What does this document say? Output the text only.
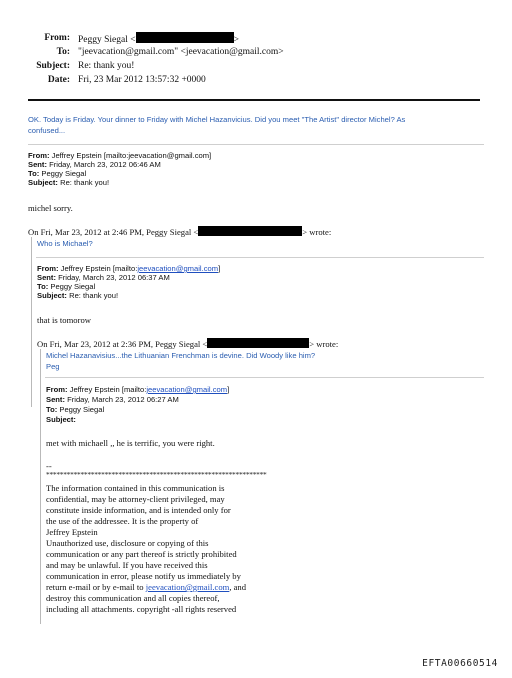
From: Peggy Siegal <	>
To: "jeevacation@gmail.com" <jeevacation@gmail.com>
Subject: Re: thank you!
Date: Fri, 23 Mar 2012 13:57:32 +0000
OK. Today is Friday. Your dinner to Friday with Michel Hazanvicius. Did you meet "The Artist" director Michel? As
confused...
From: Jeffrey Epstein [mailto:jeevacation@gmail.com]
Sent: Friday, March 23, 2012 06:46 AM
To: Peggy Siegal
Subject: Re: thank you!
michel sorry.
On Fri, Mar 23, 2012 at 2:46 PM, Peggy Siegal <	> wrote:
Who is Michael?
From: Jeffrey Epstein [mailto:jeevacation@gmail.com]
Sent: Friday, March 23, 2012 06:37 AM
To: Peggy Siegal
Subject: Re: thank you!
that is tomorow
On Fri, Mar 23, 2012 at 2:36 PM, Peggy Siegal <	> wrote:
Michel Hazanavisius...the Lithuanian Frenchman is devine. Did Woody like him?
Peg
From: Jeffrey Epstein [mailto:jeevacation@gmail.com]
Sent: Friday, March 23, 2012 06:27 AM
To: Peggy Siegal
Subject:
met with michaell ,, he is terrific, you were right.
--
****************************************************************
The information contained in this communication is
confidential, may be attorney-client privileged, may
constitute inside information, and is intended only for
the use of the addressee. It is the property of
Jeffrey Epstein
Unauthorized use, disclosure or copying of this
communication or any part thereof is strictly prohibited
and may be unlawful. If you have received this
communication in error, please notify us immediately by
return e-mail or by e-mail to jeevacation@gmail.com, and
destroy this communication and all copies thereof,
including all attachments. copyright -all rights reserved
EFTA00660514
